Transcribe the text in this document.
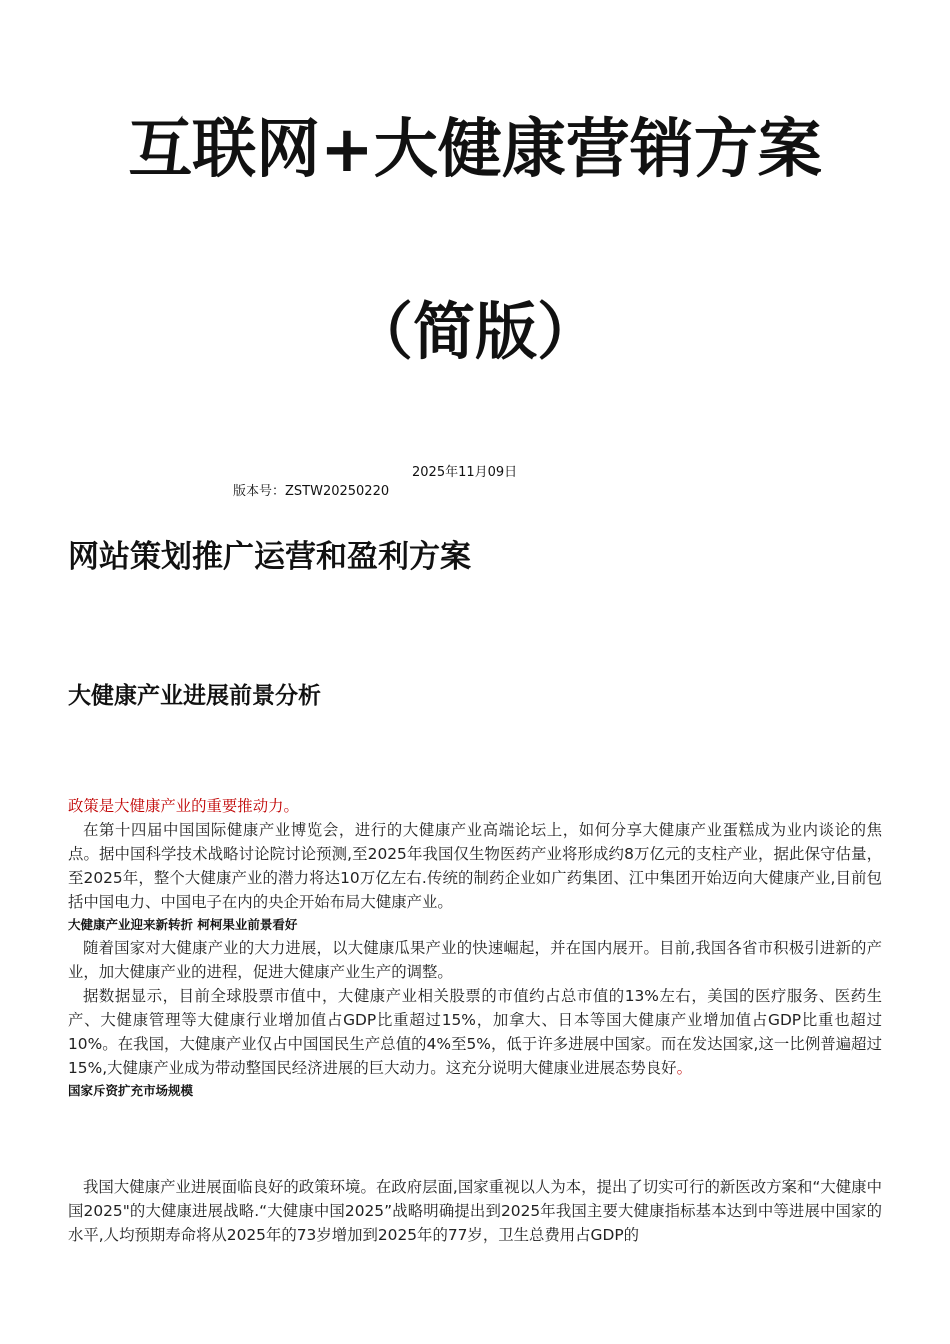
互联网+大健康营销方案
（简版）
2025年11月09日
版本号：ZSTW20250220
网站策划推广运营和盈利方案
大健康产业进展前景分析
政策是大健康产业的重要推动力。

在第十四届中国国际健康产业博览会，进行的大健康产业高端论坛上，如何分享大健康产业蛋糕成为业内谈论的焦点。据中国科学技术战略讨论院讨论预测,至2025年我国仅生物医药产业将形成约8万亿元的支柱产业，据此保守估量，至2025年，整个大健康产业的潜力将达10万亿左右.传统的制药企业如广药集团、江中集团开始迈向大健康产业,目前包括中国电力、中国电子在内的央企开始布局大健康产业。

大健康产业迎来新转折 柯柯果业前景看好

随着国家对大健康产业的大力进展，以大健康瓜果产业的快速崛起，并在国内展开。目前,我国各省市积极引进新的产业，加大健康产业的进程，促进大健康产业生产的调整。

据数据显示，目前全球股票市值中，大健康产业相关股票的市值约占总市值的13%左右，美国的医疗服务、医药生产、大健康管理等大健康行业增加值占GDP比重超过15%，加拿大、日本等国大健康产业增加值占GDP比重也超过10%。在我国，大健康产业仅占中国国民生产总值的4%至5%，低于许多进展中国家。而在发达国家,这一比例普遍超过15%,大健康产业成为带动整国民经济进展的巨大动力。这充分说明大健康业进展态势良好。

国家斥资扩充市场规模

我国大健康产业进展面临良好的政策环境。在政府层面,国家重视以人为本，提出了切实可行的新医改方案和“大健康中国2025"的大健康进展战略.“大健康中国2025”战略明确提出到2025年我国主要大健康指标基本达到中等进展中国家的水平,人均预期寿命将从2025年的73岁增加到2025年的77岁，卫生总费用占GDP的
